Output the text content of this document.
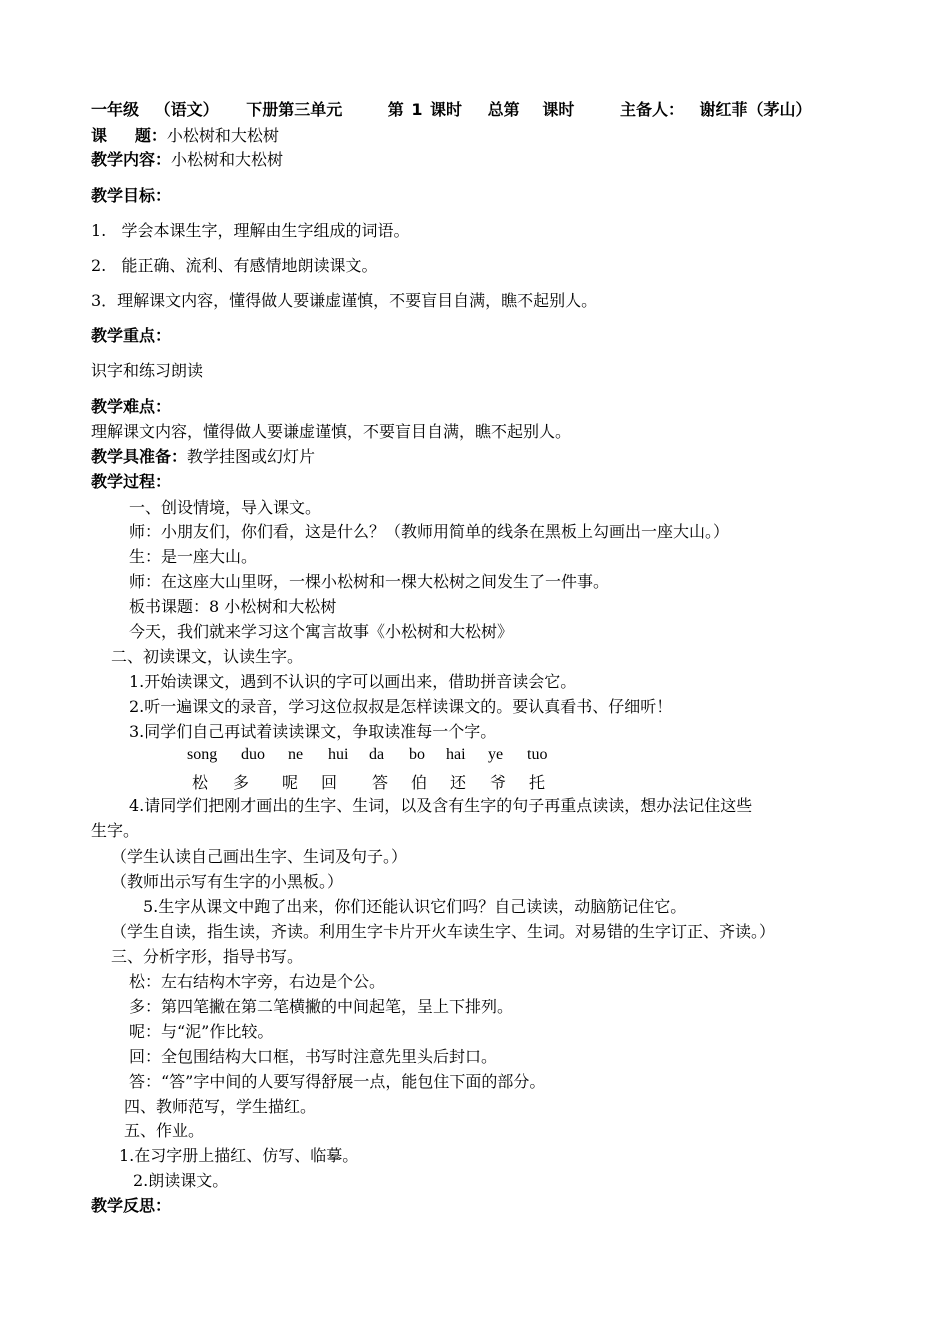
一年级 （语文） 下册第三单元	第 1 课时 总第   课时	主备人： 谢红菲（茅山）
课     题：小松树和大松树
教学内容：小松树和大松树
教学目标：
1.   学会本课生字，理解由生字组成的词语。
2.   能正确、流利、有感情地朗读课文。
3．理解课文内容，懂得做人要谦虚谨慎，不要盲目自满，瞧不起别人。
教学重点：
识字和练习朗读
教学难点：
理解课文内容，懂得做人要谦虚谨慎，不要盲目自满，瞧不起别人。
教学具准备：教学挂图或幻灯片
教学过程：
一、创设情境，导入课文。
师：小朋友们，你们看，这是什么？（教师用简单的线条在黑板上勾画出一座大山。）
生：是一座大山。
师：在这座大山里呀，一棵小松树和一棵大松树之间发生了一件事。
板书课题：8 小松树和大松树
今天，我们就来学习这个寓言故事《小松树和大松树》
二、初读课文，认读生字。
1.开始读课文，遇到不认识的字可以画出来，借助拼音读会它。
2.听一遍课文的录音，学习这位叔叔是怎样读课文的。要认真看书、仔细听！
3.同学们自己再试着读读课文，争取读准每一个字。
song duo ne hui da bo hai ye tuo
松 多 呢 回 答 伯 还 爷 托
4.请同学们把刚才画出的生字、生词，以及含有生字的句子再重点读读，想办法记住这些
生字。
（学生认读自己画出生字、生词及句子。）
（教师出示写有生字的小黑板。）
5.生字从课文中跑了出来，你们还能认识它们吗？自己读读，动脑筋记住它。
（学生自读，指生读，齐读。利用生字卡片开火车读生字、生词。对易错的生字订正、齐读。）
三、分析字形，指导书写。
松：左右结构木字旁，右边是个公。
多：第四笔撇在第二笔横撇的中间起笔，呈上下排列。
呢：与“泥”作比较。
回：全包围结构大口框，书写时注意先里头后封口。
答：“答”字中间的人要写得舒展一点，能包住下面的部分。
四、教师范写，学生描红。
五、作业。
1.在习字册上描红、仿写、临摹。
2.朗读课文。
教学反思：
